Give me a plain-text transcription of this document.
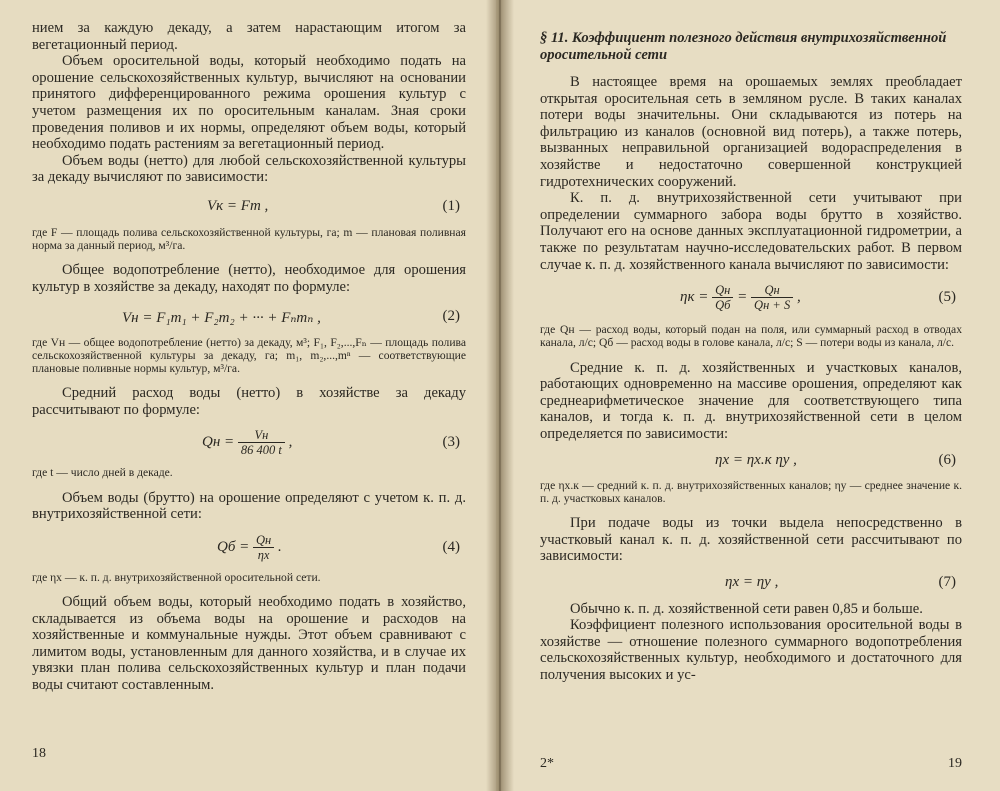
нием за каждую декаду, а затем нарастающим итогом за вегетационный период.

Объем оросительной воды, который необходимо подать на орошение сельскохозяйственных культур, вычисляют на основании принятого дифференцированного режима орошения культур с учетом размещения их по оросительным каналам. Зная сроки проведения поливов и их нормы, определяют объем воды, который необходимо подать растениям за вегетационный период.

Объем воды (нетто) для любой сельскохозяйственной культуры за декаду вычисляют по зависимости:

Vк = Fm ,	(1)

где F — площадь полива сельскохозяйственной культуры, га; m — плановая поливная норма за данный период, м³/га.

Общее водопотребление (нетто), необходимое для орошения культур в хозяйстве за декаду, находят по формуле:

Vн = F₁m₁ + F₂m₂ + ··· + Fₙmₙ ,	(2)

где Vн — общее водопотребление (нетто) за декаду, м³; F₁, F₂,...,Fₙ — площадь полива сельскохозяйственной культуры за декаду, га; m₁, m₂,...,mⁿ — соответствующие плановые поливные нормы культур, м³/га.

Средний расход воды (нетто) в хозяйстве за декаду рассчитывают по формуле:

Qн = $\frac{Vн}{86 400 t}$ ,	(3)

где t — число дней в декаде.

Объем воды (брутто) на орошение определяют с учетом к. п. д. внутрихозяйственной сети:

Qб = $\frac{Qн}{\eta х}$ .	(4)

где ηх — к. п. д. внутрихозяйственной оросительной сети.

Общий объем воды, который необходимо подать в хозяйство, складывается из объема воды на орошение и расходов на хозяйственные и коммунальные нужды. Этот объем сравнивают с лимитом воды, установленным для данного хозяйства, и в случае их увязки план полива сельскохозяйственных культур и план подачи воды считают составленным.

18

§ 11. Коэффициент полезного действия внутрихозяйственной оросительной сети

В настоящее время на орошаемых землях преобладает открытая оросительная сеть в земляном русле. В таких каналах потери воды значительны. Они складываются из потерь на фильтрацию из каналов (основной вид потерь), а также потерь, вызванных неправильной организацией водораспределения в хозяйстве и недостаточно совершенной конструкцией гидротехнических сооружений.

К. п. д. внутрихозяйственной сети учитывают при определении суммарного забора воды брутто в хозяйство. Получают его на основе данных эксплуатационной гидрометрии, а также по результатам научно-исследовательских работ. В первом случае к. п. д. хозяйственного канала вычисляют по зависимости:

$\eta к = \frac{Qн}{Qб} = \frac{Qн}{Qн + S}$ ,	(5)

где Qн — расход воды, который подан на поля, или суммарный расход в отводах канала, л/с; Qб — расход воды в голове канала, л/с; S — потери воды из канала, л/с.

Средние к. п. д. хозяйственных и участковых каналов, работающих одновременно на массиве орошения, определяют как среднеарифметическое значение для соответствующего типа каналов, и тогда к. п. д. внутрихозяйственной сети в целом определяется по зависимости:

ηх = ηх.к ηу ,	(6)

где ηх.к — средний к. п. д. внутрихозяйственных каналов; ηу — среднее значение к. п. д. участковых каналов.

При подаче воды из точки выдела непосредственно в участковый канал к. п. д. хозяйственной сети рассчитывают по зависимости:

ηх = ηу ,	(7)

Обычно к. п. д. хозяйственной сети равен 0,85 и больше.

Коэффициент полезного использования оросительной воды в хозяйстве — отношение полезного суммарного водопотребления сельскохозяйственных культур, необходимого и достаточного для получения высоких и ус-

2*	19
